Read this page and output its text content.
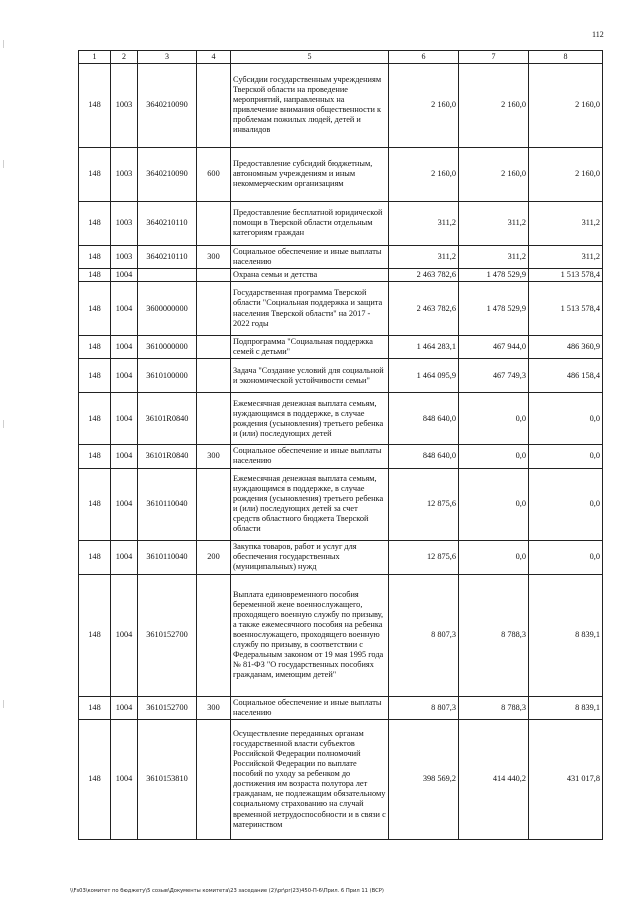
112
1	2	3	4	5	6	7	8
148	1003	3640210090		Субсидии государственным учреждениям Тверской области на проведение мероприятий, направленных на привлечение внимания общественности к проблемам пожилых людей, детей и инвалидов	2 160,0	2 160,0	2 160,0
148	1003	3640210090	600	Предоставление субсидий бюджетным, автономным учреждениям и иным некоммерческим организациям	2 160,0	2 160,0	2 160,0
148	1003	3640210110		Предоставление бесплатной юридической помощи в Тверской области отдельным категориям граждан	311,2	311,2	311,2
148	1003	3640210110	300	Социальное обеспечение и иные выплаты населению	311,2	311,2	311,2
148	1004			Охрана семьи и детства	2 463 782,6	1 478 529,9	1 513 578,4
148	1004	3600000000		Государственная программа Тверской области "Социальная поддержка и защита населения Тверской области" на 2017 - 2022 годы	2 463 782,6	1 478 529,9	1 513 578,4
148	1004	3610000000		Подпрограмма "Социальная поддержка семей с детьми"	1 464 283,1	467 944,0	486 360,9
148	1004	3610100000		Задача "Создание условий для социальной и экономической устойчивости семьи"	1 464 095,9	467 749,3	486 158,4
148	1004	36101R0840		Ежемесячная денежная выплата семьям, нуждающимся в поддержке, в случае рождения (усыновления) третьего ребенка и (или) последующих детей	848 640,0	0,0	0,0
148	1004	36101R0840	300	Социальное обеспечение и иные выплаты населению	848 640,0	0,0	0,0
148	1004	3610110040		Ежемесячная денежная выплата семьям, нуждающимся в поддержке, в случае рождения (усыновления) третьего ребенка и (или) последующих детей за счет средств областного бюджета Тверской области	12 875,6	0,0	0,0
148	1004	3610110040	200	Закупка товаров, работ и услуг для обеспечения государственных (муниципальных) нужд	12 875,6	0,0	0,0
148	1004	3610152700		Выплата единовременного пособия беременной жене военнослужащего, проходящего военную службу по призыву, а также ежемесячного пособия на ребенка военнослужащего, проходящего военную службу по призыву, в соответствии с Федеральным законом от 19 мая 1995 года № 81-ФЗ "О государственных пособиях гражданам, имеющим детей"	8 807,3	8 788,3	8 839,1
148	1004	3610152700	300	Социальное обеспечение и иные выплаты населению	8 807,3	8 788,3	8 839,1
148	1004	3610153810		Осуществление переданных органам государственной власти субъектов Российской Федерации полномочий Российской Федерации по выплате пособий по уходу за ребенком до достижения им возраста полутора лет гражданам, не подлежащим обязательному социальному страхованию на случай временной нетрудоспособности и в связи с материнством	398 569,2	414 440,2	431 017,8
\\Fs03\комитет по бюджету\5 созыв\Документы комитета\23 заседание (2)\pr\pr(23)450-П-6\Прил. 6 Прил 11 (ВСР)
